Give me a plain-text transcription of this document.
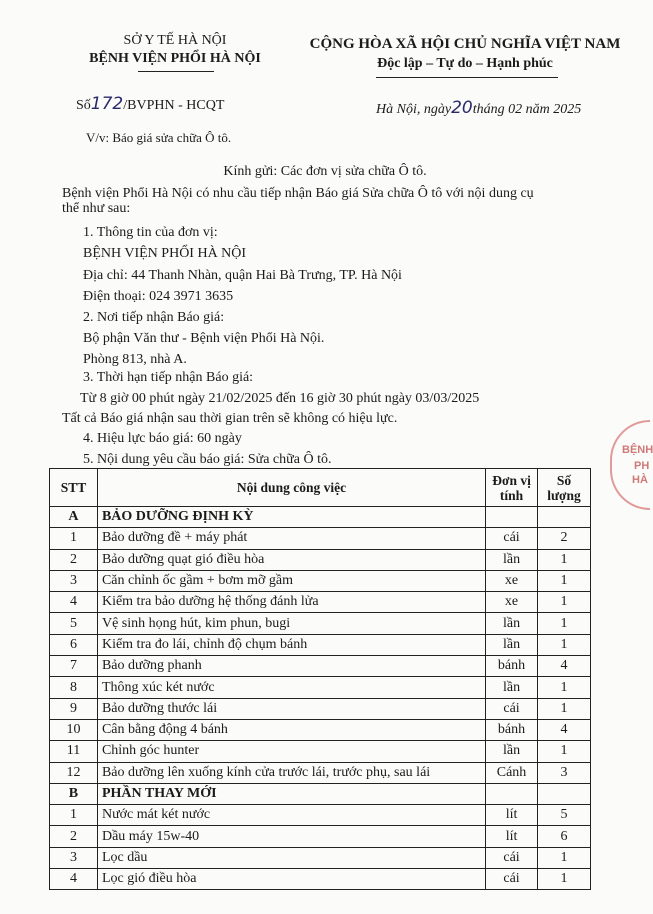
SỞ Y TẾ HÀ NỘI
BỆNH VIỆN PHỔI HÀ NỘI
CỘNG HÒA XÃ HỘI CHỦ NGHĨA VIỆT NAM
Độc lập – Tự do – Hạnh phúc
Số172/BVPHN - HCQT	Hà Nội, ngày20tháng 02 năm 2025
V/v: Báo giá sửa chữa Ô tô.
Kính gửi: Các đơn vị sửa chữa Ô tô.
Bệnh viện Phổi Hà Nội có nhu cầu tiếp nhận Báo giá Sửa chữa Ô tô với nội dung cụ
thể như sau:
1. Thông tin của đơn vị:
BỆNH VIỆN PHỔI HÀ NỘI
Địa chỉ: 44 Thanh Nhàn, quận Hai Bà Trưng, TP. Hà Nội
Điện thoại: 024 3971 3635
2. Nơi tiếp nhận Báo giá:
Bộ phận Văn thư - Bệnh viện Phổi Hà Nội.
Phòng 813, nhà A.
3. Thời hạn tiếp nhận Báo giá:
Từ 8 giờ 00 phút ngày 21/02/2025 đến 16 giờ 30 phút ngày 03/03/2025
Tất cả Báo giá nhận sau thời gian trên sẽ không có hiệu lực.
4. Hiệu lực báo giá: 60 ngày
5. Nội dung yêu cầu báo giá: Sửa chữa Ô tô.
BỆNH
PH
HÀ
STT	Nội dung công việc	Đơn vị tính	Số lượng
A	BẢO DƯỠNG ĐỊNH KỲ		
1	Bảo dưỡng đề + máy phát	cái	2
2	Bảo dưỡng quạt gió điều hòa	lần	1
3	Căn chỉnh ốc gầm + bơm mỡ gầm	xe	1
4	Kiểm tra bảo dưỡng hệ thống đánh lửa	xe	1
5	Vệ sinh họng hút, kim phun, bugi	lần	1
6	Kiểm tra đo lái, chỉnh độ chụm bánh	lần	1
7	Bảo dưỡng phanh	bánh	4
8	Thông xúc két nước	lần	1
9	Bảo dưỡng thước lái	cái	1
10	Cân bằng động 4 bánh	bánh	4
11	Chỉnh góc hunter	lần	1
12	Bảo dưỡng lên xuống kính cửa trước lái, trước phụ, sau lái	Cánh	3
B	PHẦN THAY MỚI		
1	Nước mát két nước	lít	5
2	Dầu máy 15w-40	lít	6
3	Lọc dầu	cái	1
4	Lọc gió điều hòa	cái	1
